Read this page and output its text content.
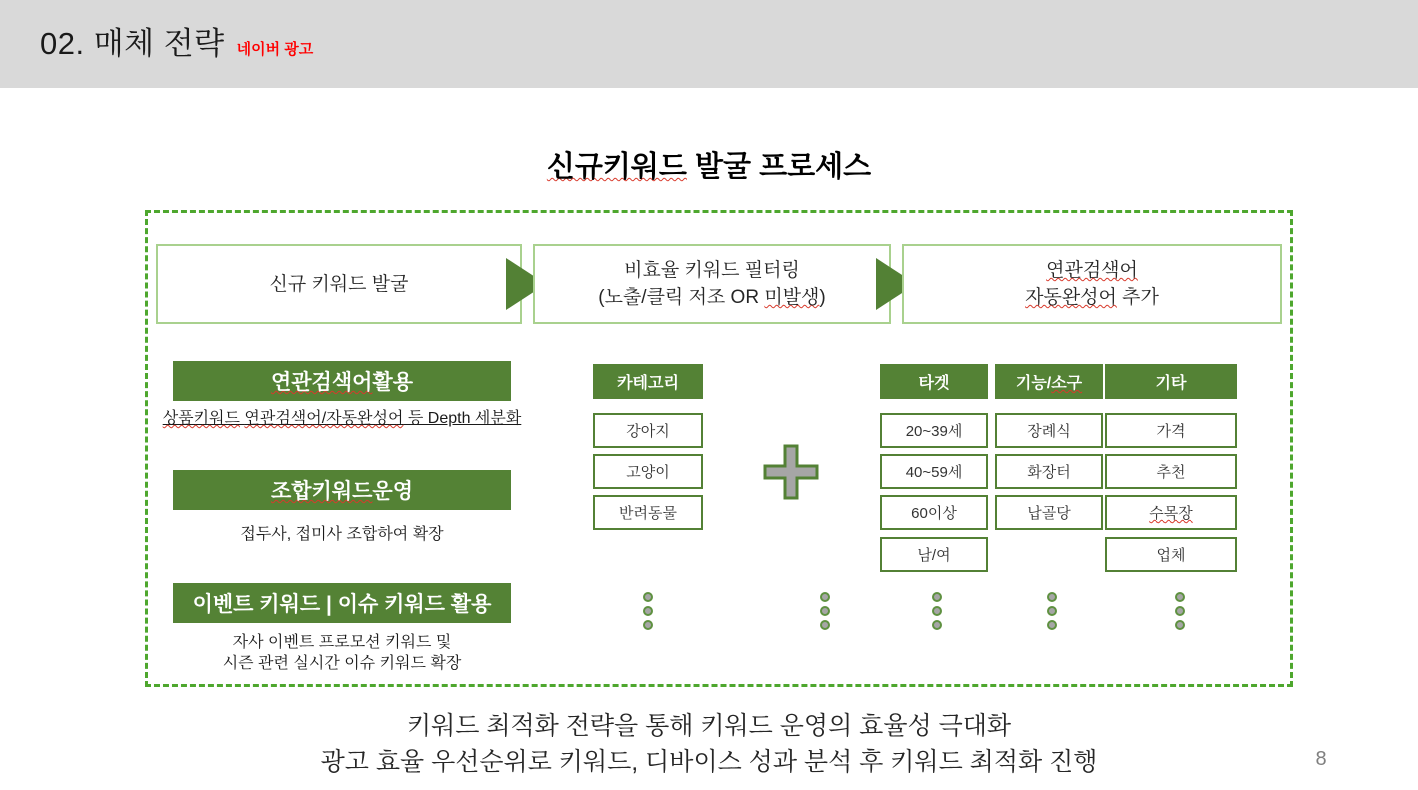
02. 매체 전략 네이버 광고
신규키워드 발굴 프로세스
신규 키워드 발굴
비효율 키워드 필터링
(노출/클릭 저조 OR 미발생)
연관검색어
자동완성어 추가
연관검색어 활용
상품키워드 연관검색어/자동완성어 등 Depth 세분화
조합키워드 운영
접두사, 접미사 조합하여 확장
이벤트 키워드 | 이슈 키워드 활용
자사 이벤트 프로모션 키워드 및
시즌 관련 실시간 이슈 키워드 확장
카테고리
강아지
고양이
반려동물
타겟
20~39세
40~59세
60이상
남/여
기능/ 소구
장례식
화장터
납골당
기타
가격
추천
수목장
업체
키워드 최적화 전략을 통해 키워드 운영의 효율성 극대화
광고 효율 우선순위로 키워드, 디바이스 성과 분석 후 키워드 최적화 진행	8
